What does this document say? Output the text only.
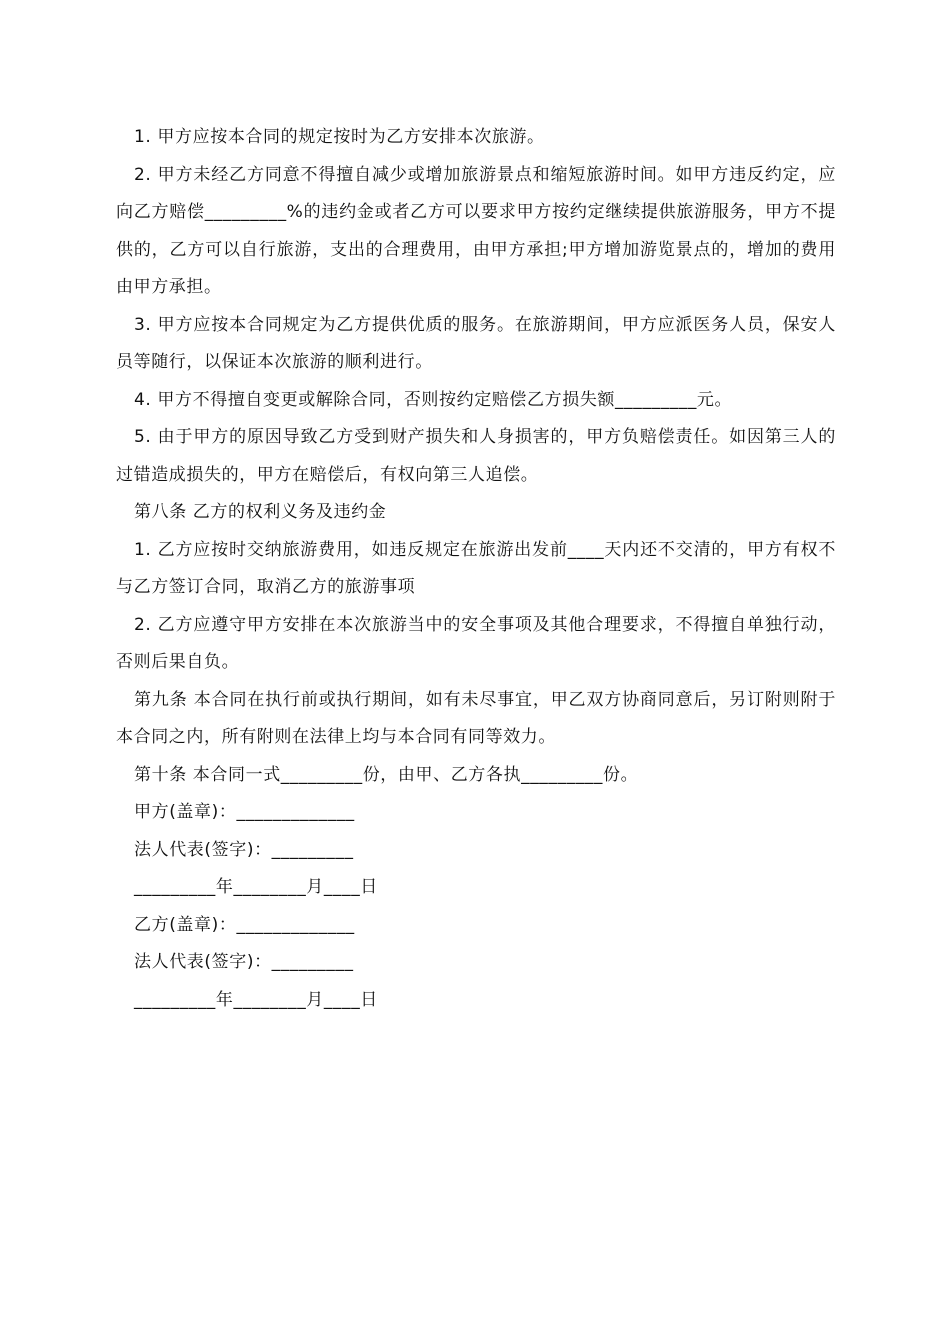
1. 甲方应按本合同的规定按时为乙方安排本次旅游。

2. 甲方未经乙方同意不得擅自减少或增加旅游景点和缩短旅游时间。如甲方违反约定，应向乙方赔偿_________%的违约金或者乙方可以要求甲方按约定继续提供旅游服务，甲方不提供的，乙方可以自行旅游，支出的合理费用，由甲方承担;甲方增加游览景点的，增加的费用由甲方承担。

3. 甲方应按本合同规定为乙方提供优质的服务。在旅游期间，甲方应派医务人员，保安人员等随行，以保证本次旅游的顺利进行。

4. 甲方不得擅自变更或解除合同，否则按约定赔偿乙方损失额_________元。

5. 由于甲方的原因导致乙方受到财产损失和人身损害的，甲方负赔偿责任。如因第三人的过错造成损失的，甲方在赔偿后，有权向第三人追偿。

第八条 乙方的权利义务及违约金

1. 乙方应按时交纳旅游费用，如违反规定在旅游出发前____天内还不交清的，甲方有权不与乙方签订合同，取消乙方的旅游事项

2. 乙方应遵守甲方安排在本次旅游当中的安全事项及其他合理要求，不得擅自单独行动，否则后果自负。

第九条 本合同在执行前或执行期间，如有未尽事宜，甲乙双方协商同意后，另订附则附于本合同之内，所有附则在法律上均与本合同有同等效力。

第十条 本合同一式_________份，由甲、乙方各执_________份。

甲方(盖章)：_____________

法人代表(签字)：_________

_________年________月____日

乙方(盖章)：_____________

法人代表(签字)：_________

_________年________月____日
